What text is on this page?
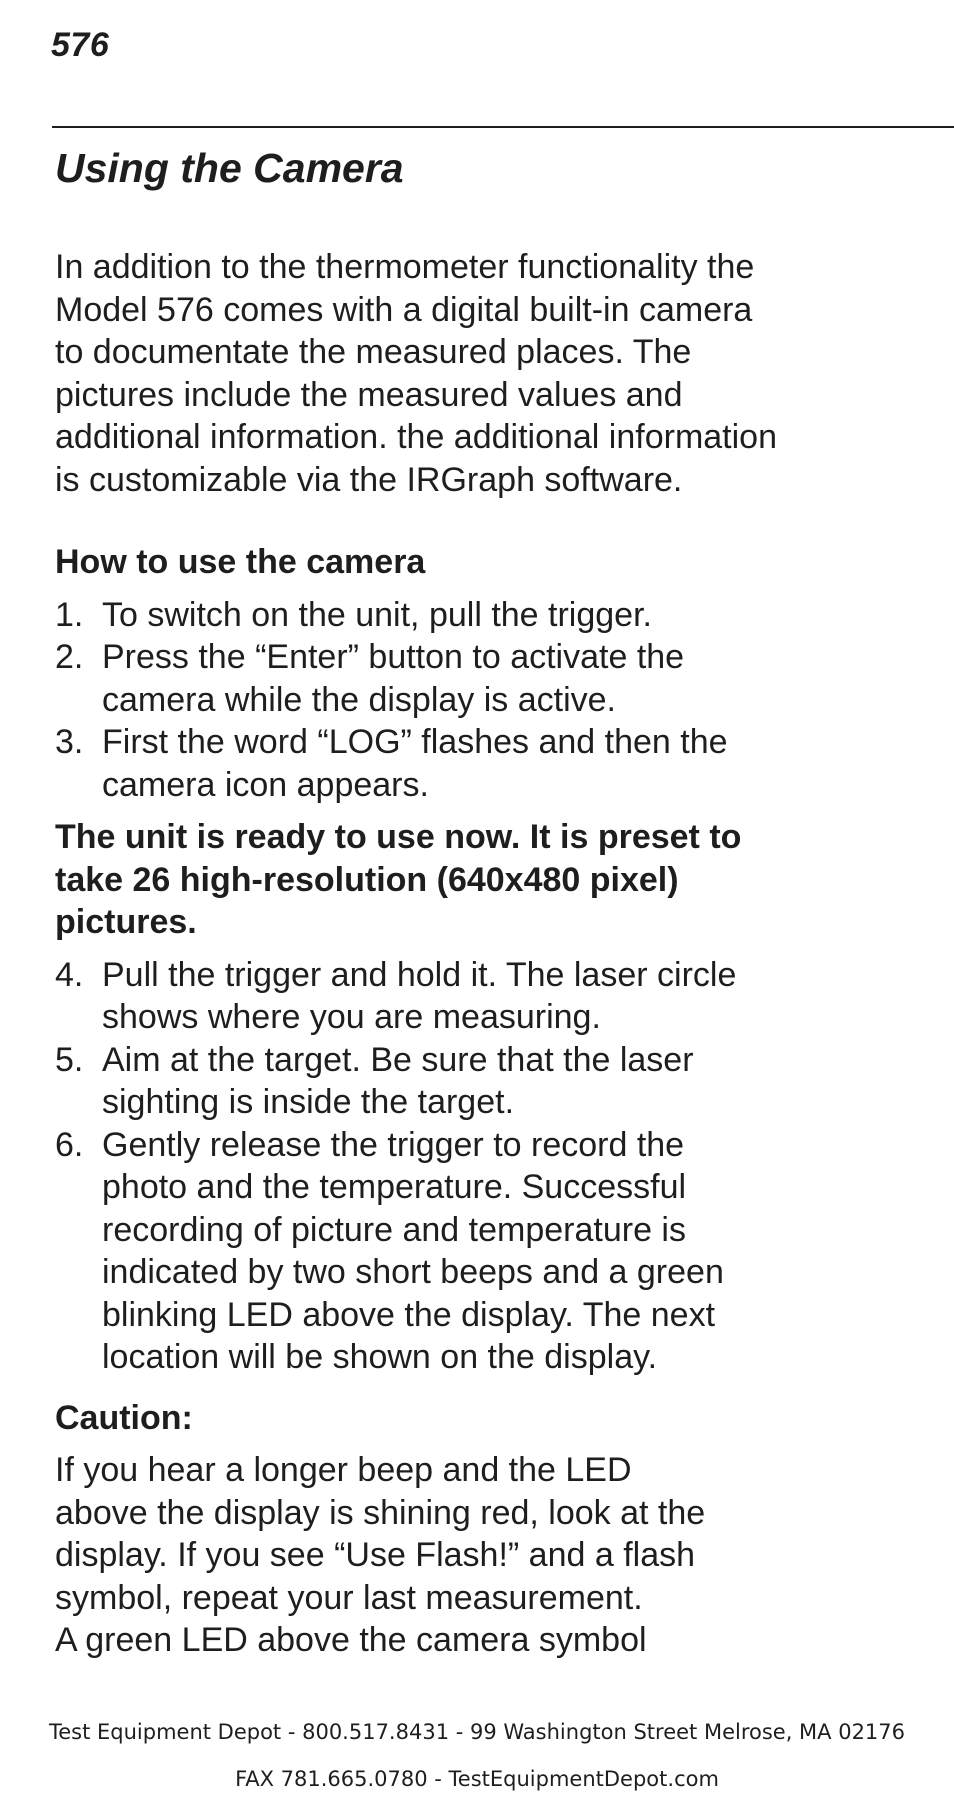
576
Using the Camera
In addition to the thermometer functionality the
Model 576 comes with a digital built-in camera
to documentate the measured places. The
pictures include the measured values and
additional information. the additional information
is customizable via the IRGraph software.
How to use the camera
1. To switch on the unit, pull the trigger.
2. Press the “Enter” button to activate the
camera while the display is active.
3. First the word “LOG” flashes and then the
camera icon appears.
The unit is ready to use now. It is preset to
take 26 high-resolution (640x480 pixel)
pictures.
4. Pull the trigger and hold it. The laser circle
shows where you are measuring.
5. Aim at the target. Be sure that the laser
sighting is inside the target.
6. Gently release the trigger to record the
photo and the temperature. Successful
recording of picture and temperature is
indicated by two short beeps and a green
blinking LED above the display. The next
location will be shown on the display.
Caution:
If you hear a longer beep and the LED
above the display is shining red, look at the
display. If you see “Use Flash!” and a flash
symbol, repeat your last measurement.
A green LED above the camera symbol
Test Equipment Depot - 800.517.8431 - 99 Washington Street Melrose, MA 02176
FAX 781.665.0780 - TestEquipmentDepot.com
